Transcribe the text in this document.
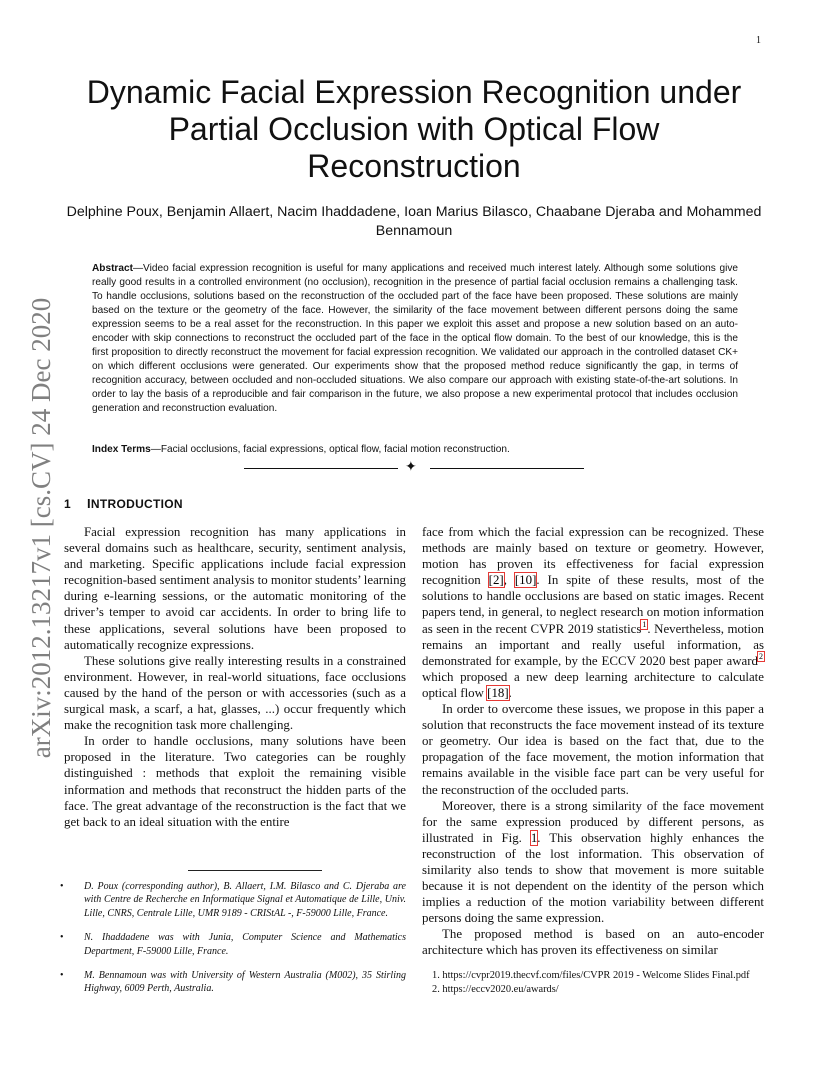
1
arXiv:2012.13217v1 [cs.CV] 24 Dec 2020
Dynamic Facial Expression Recognition under Partial Occlusion with Optical Flow Reconstruction
Delphine Poux, Benjamin Allaert, Nacim Ihaddadene, Ioan Marius Bilasco, Chaabane Djeraba and Mohammed Bennamoun
Abstract—Video facial expression recognition is useful for many applications and received much interest lately. Although some solutions give really good results in a controlled environment (no occlusion), recognition in the presence of partial facial occlusion remains a challenging task. To handle occlusions, solutions based on the reconstruction of the occluded part of the face have been proposed. These solutions are mainly based on the texture or the geometry of the face. However, the similarity of the face movement between different persons doing the same expression seems to be a real asset for the reconstruction. In this paper we exploit this asset and propose a new solution based on an auto-encoder with skip connections to reconstruct the occluded part of the face in the optical flow domain. To the best of our knowledge, this is the first proposition to directly reconstruct the movement for facial expression recognition. We validated our approach in the controlled dataset CK+ on which different occlusions were generated. Our experiments show that the proposed method reduce significantly the gap, in terms of recognition accuracy, between occluded and non-occluded situations. We also compare our approach with existing state-of-the-art solutions. In order to lay the basis of a reproducible and fair comparison in the future, we also propose a new experimental protocol that includes occlusion generation and reconstruction evaluation.
Index Terms—Facial occlusions, facial expressions, optical flow, facial motion reconstruction.
✦
1 INTRODUCTION

Facial expression recognition has many applications in several domains such as healthcare, security, sentiment analysis, and marketing. Specific applications include facial expression recognition-based sentiment analysis to monitor students’ learning during e-learning sessions, or the automatic monitoring of the driver’s temper to avoid car accidents. In order to bring life to these applications, several solutions have been proposed to automatically recognize expressions.

These solutions give really interesting results in a constrained environment. However, in real-world situations, face occlusions caused by the hand of the person or with accessories (such as a surgical mask, a scarf, a hat, glasses, ...) occur frequently which make the recognition task more challenging.

In order to handle occlusions, many solutions have been proposed in the literature. Two categories can be roughly distinguished : methods that exploit the remaining visible information and methods that reconstruct the hidden parts of the face. The great advantage of the reconstruction is the fact that we get back to an ideal situation with the entire

face from which the facial expression can be recognized. These methods are mainly based on texture or geometry. However, motion has proven its effectiveness for facial expression recognition [2], [10]. In spite of these results, most of the solutions to handle occlusions are based on static images. Recent papers tend, in general, to neglect research on motion information as seen in the recent CVPR 2019 statistics$^1$. Nevertheless, motion remains an important and really useful information, as demonstrated for example, by the ECCV 2020 best paper award$^2$ which proposed a new deep learning architecture to calculate optical flow [18].

In order to overcome these issues, we propose in this paper a solution that reconstructs the face movement instead of its texture or geometry. Our idea is based on the fact that, due to the propagation of the face movement, the motion information that remains available in the visible face part can be very useful for the reconstruction of the occluded parts.

Moreover, there is a strong similarity of the face movement for the same expression produced by different persons, as illustrated in Fig. 1. This observation highly enhances the reconstruction of the lost information. This observation of similarity also tends to show that movement is more suitable because it is not dependent on the identity of the person which implies a reduction of the motion variability between different persons doing the same expression.

The proposed method is based on an auto-encoder architecture which has proven its effectiveness on similar

• D. Poux (corresponding author), B. Allaert, I.M. Bilasco and C. Djeraba are with Centre de Recherche en Informatique Signal et Automatique de Lille, Univ. Lille, CNRS, Centrale Lille, UMR 9189 - CRIStAL -, F-59000 Lille, France.
• N. Ihaddadene was with Junia, Computer Science and Mathematics Department, F-59000 Lille, France.
• M. Bennamoun was with University of Western Australia (M002), 35 Stirling Highway, 6009 Perth, Australia.
1. https://cvpr2019.thecvf.com/files/CVPR 2019 - Welcome Slides Final.pdf
2. https://eccv2020.eu/awards/
